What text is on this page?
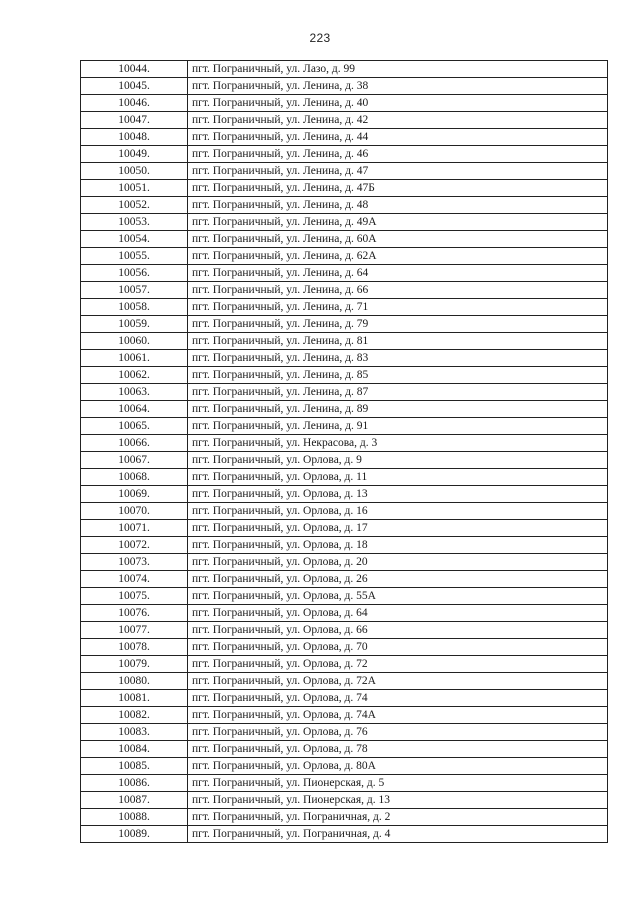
223
10044.	пгт. Пограничный, ул. Лазо, д. 99
10045.	пгт. Пограничный, ул. Ленина, д. 38
10046.	пгт. Пограничный, ул. Ленина, д. 40
10047.	пгт. Пограничный, ул. Ленина, д. 42
10048.	пгт. Пограничный, ул. Ленина, д. 44
10049.	пгт. Пограничный, ул. Ленина, д. 46
10050.	пгт. Пограничный, ул. Ленина, д. 47
10051.	пгт. Пограничный, ул. Ленина, д. 47Б
10052.	пгт. Пограничный, ул. Ленина, д. 48
10053.	пгт. Пограничный, ул. Ленина, д. 49А
10054.	пгт. Пограничный, ул. Ленина, д. 60А
10055.	пгт. Пограничный, ул. Ленина, д. 62А
10056.	пгт. Пограничный, ул. Ленина, д. 64
10057.	пгт. Пограничный, ул. Ленина, д. 66
10058.	пгт. Пограничный, ул. Ленина, д. 71
10059.	пгт. Пограничный, ул. Ленина, д. 79
10060.	пгт. Пограничный, ул. Ленина, д. 81
10061.	пгт. Пограничный, ул. Ленина, д. 83
10062.	пгт. Пограничный, ул. Ленина, д. 85
10063.	пгт. Пограничный, ул. Ленина, д. 87
10064.	пгт. Пограничный, ул. Ленина, д. 89
10065.	пгт. Пограничный, ул. Ленина, д. 91
10066.	пгт. Пограничный, ул. Некрасова, д. 3
10067.	пгт. Пограничный, ул. Орлова, д. 9
10068.	пгт. Пограничный, ул. Орлова, д. 11
10069.	пгт. Пограничный, ул. Орлова, д. 13
10070.	пгт. Пограничный, ул. Орлова, д. 16
10071.	пгт. Пограничный, ул. Орлова, д. 17
10072.	пгт. Пограничный, ул. Орлова, д. 18
10073.	пгт. Пограничный, ул. Орлова, д. 20
10074.	пгт. Пограничный, ул. Орлова, д. 26
10075.	пгт. Пограничный, ул. Орлова, д. 55А
10076.	пгт. Пограничный, ул. Орлова, д. 64
10077.	пгт. Пограничный, ул. Орлова, д. 66
10078.	пгт. Пограничный, ул. Орлова, д. 70
10079.	пгт. Пограничный, ул. Орлова, д. 72
10080.	пгт. Пограничный, ул. Орлова, д. 72А
10081.	пгт. Пограничный, ул. Орлова, д. 74
10082.	пгт. Пограничный, ул. Орлова, д. 74А
10083.	пгт. Пограничный, ул. Орлова, д. 76
10084.	пгт. Пограничный, ул. Орлова, д. 78
10085.	пгт. Пограничный, ул. Орлова, д. 80А
10086.	пгт. Пограничный, ул. Пионерская, д. 5
10087.	пгт. Пограничный, ул. Пионерская, д. 13
10088.	пгт. Пограничный, ул. Пограничная, д. 2
10089.	пгт. Пограничный, ул. Пограничная, д. 4
